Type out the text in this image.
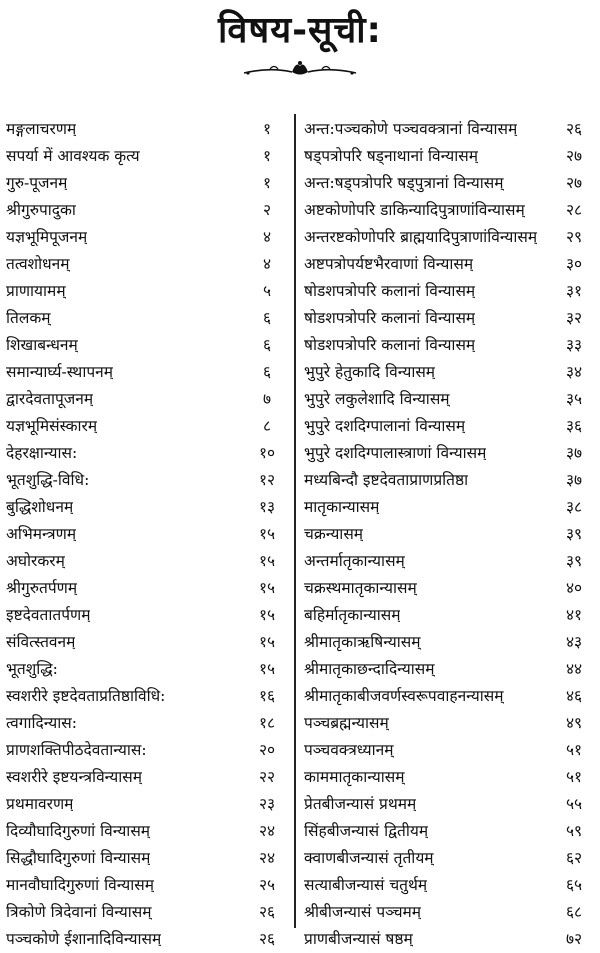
विषय-सूची:
मङ्गलाचरणम्	१
सपर्या में आवश्यक कृत्य	१
गुरु-पूजनम्	१
श्रीगुरुपादुका	२
यज्ञभूमिपूजनम्	४
तत्वशोधनम्	४
प्राणायामम्	५
तिलकम्	६
शिखाबन्धनम्	६
समान्यार्घ्य-स्थापनम्	६
द्वारदेवतापूजनम्	७
यज्ञभूमिसंस्कारम्	८
देहरक्षान्यास:	१०
भूतशुद्धि-विधि:	१२
बुद्धिशोधनम्	१३
अभिमन्त्रणम्	१५
अघोरकरम्	१५
श्रीगुरुतर्पणम्	१५
इष्टदेवतातर्पणम्	१५
संवित्स्तवनम्	१५
भूतशुद्धि:	१५
स्वशरीरे इष्टदेवताप्रतिष्ठाविधि:	१६
त्वगादिन्यास:	१८
प्राणशक्तिपीठदेवतान्यास:	२०
स्वशरीरे इष्टयन्त्रविन्यासम्	२२
प्रथमावरणम्	२३
दिव्यौघादिगुरुणां विन्यासम्	२४
सिद्धौघादिगुरुणां विन्यासम्	२४
मानवौघादिगुरुणां विन्यासम्	२५
त्रिकोणे त्रिदेवानां विन्यासम्	२६
पञ्चकोणे ईशानादिविन्यासम्	२६
अन्त:पञ्चकोणे पञ्चवक्त्रानां विन्यासम्	२६
षड्पत्रोपरि षड्नाथानां विन्यासम्	२७
अन्त:षड्पत्रोपरि षड्पुत्रानां विन्यासम्	२७
अष्टकोणोपरि डाकिन्यादिपुत्राणांविन्यासम्	२८
अन्तरष्टकोणोपरि ब्राह्मयादिपुत्राणांविन्यासम्	२९
अष्टपत्रोपर्यष्टभैरवाणां विन्यासम्	३०
षोडशपत्रोपरि कलानां विन्यासम्	३१
षोडशपत्रोपरि कलानां विन्यासम्	३२
षोडशपत्रोपरि कलानां विन्यासम्	३३
भुपुरे हेतुकादि विन्यासम्	३४
भुपुरे लकुलेशादि विन्यासम्	३५
भुपुरे दशदिग्पालानां विन्यासम्	३६
भुपुरे दशदिग्पालास्त्राणां विन्यासम्	३७
मध्यबिन्दौ इष्टदेवताप्राणप्रतिष्ठा	३७
मातृकान्यासम्	३८
चक्रन्यासम्	३९
अन्तर्मातृकान्यासम्	३९
चक्रस्थमातृकान्यासम्	४०
बहिर्मातृकान्यासम्	४१
श्रीमातृकाऋषिन्यासम्	४३
श्रीमातृकाछन्दादिन्यासम्	४४
श्रीमातृकाबीजवर्णस्वरूपवाहनन्यासम्	४६
पञ्चब्रह्मन्यासम्	४९
पञ्चवक्त्रध्यानम्	५१
काममातृकान्यासम्	५१
प्रेतबीजन्यासं प्रथमम्	५५
सिंहबीजन्यासं द्वितीयम्	५९
क्वाणबीजन्यासं तृतीयम्	६२
सत्याबीजन्यासं चतुर्थम्	६५
श्रीबीजन्यासं पञ्चमम्	६८
प्राणबीजन्यासं षष्ठम्	७२
